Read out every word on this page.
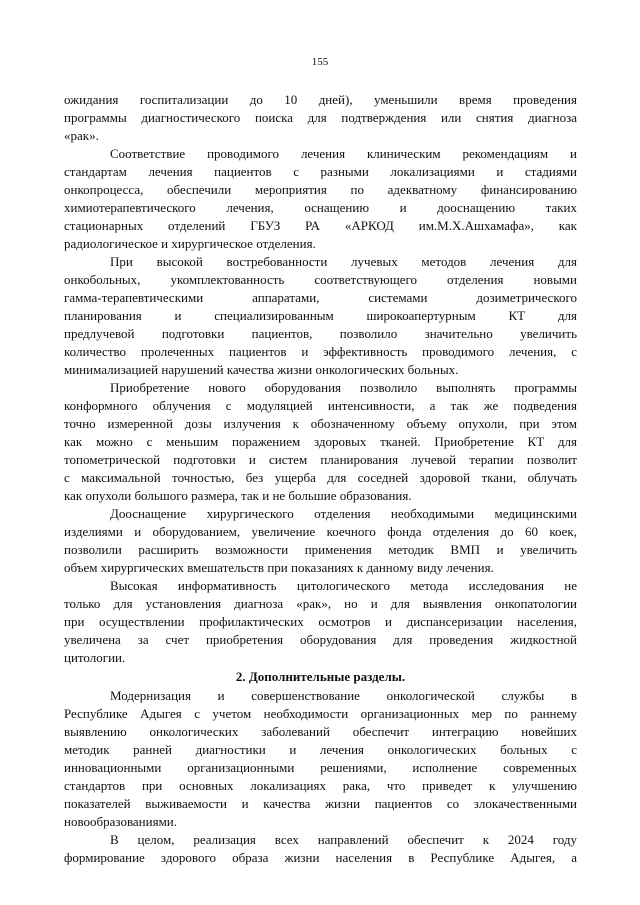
155
ожидания госпитализации до 10 дней), уменьшили время проведения
программы диагностического поиска для подтверждения или снятия диагноза
«рак».
Соответствие проводимого лечения клиническим рекомендациям и
стандартам лечения пациентов с разными локализациями и стадиями
онкопроцесса, обеспечили мероприятия по адекватному финансированию
химиотерапевтического лечения, оснащению и дооснащению таких
стационарных отделений ГБУЗ РА «АРКОД им.М.Х.Ашхамафа», как
радиологическое и хирургическое отделения.
При высокой востребованности лучевых методов лечения для
онкобольных, укомплектованность соответствующего отделения новыми
гамма-терапевтическими аппаратами, системами дозиметрического
планирования и специализированным широкоапертурным КТ для
предлучевой подготовки пациентов, позволило значительно увеличить
количество пролеченных пациентов и эффективность проводимого лечения, с
минимализацией нарушений качества жизни онкологических больных.
Приобретение нового оборудования позволило выполнять программы
конформного облучения с модуляцией интенсивности, а так же подведения
точно измеренной дозы излучения к обозначенному объему опухоли, при этом
как можно с меньшим поражением здоровых тканей. Приобретение КТ для
топометрической подготовки и систем планирования лучевой терапии позволит
с максимальной точностью, без ущерба для соседней здоровой ткани, облучать
как опухоли большого размера, так и не большие образования.
Дооснащение хирургического отделения необходимыми медицинскими
изделиями и оборудованием, увеличение коечного фонда отделения до 60 коек,
позволили расширить возможности применения методик ВМП и увеличить
объем хирургических вмешательств при показаниях к данному виду лечения.
Высокая информативность цитологического метода исследования не
только для установления диагноза «рак», но и для выявления онкопатологии
при осуществлении профилактических осмотров и диспансеризации населения,
увеличена за счет приобретения оборудования для проведения жидкостной
цитологии.
2. Дополнительные разделы.
Модернизация и совершенствование онкологической службы в
Республике Адыгея с учетом необходимости организационных мер по раннему
выявлению онкологических заболеваний обеспечит интеграцию новейших
методик ранней диагностики и лечения онкологических больных с
инновационными организационными решениями, исполнение современных
стандартов при основных локализациях рака, что приведет к улучшению
показателей выживаемости и качества жизни пациентов со злокачественными
новообразованиями.
В целом, реализация всех направлений обеспечит к 2024 году
формирование здорового образа жизни населения в Республике Адыгея, а
